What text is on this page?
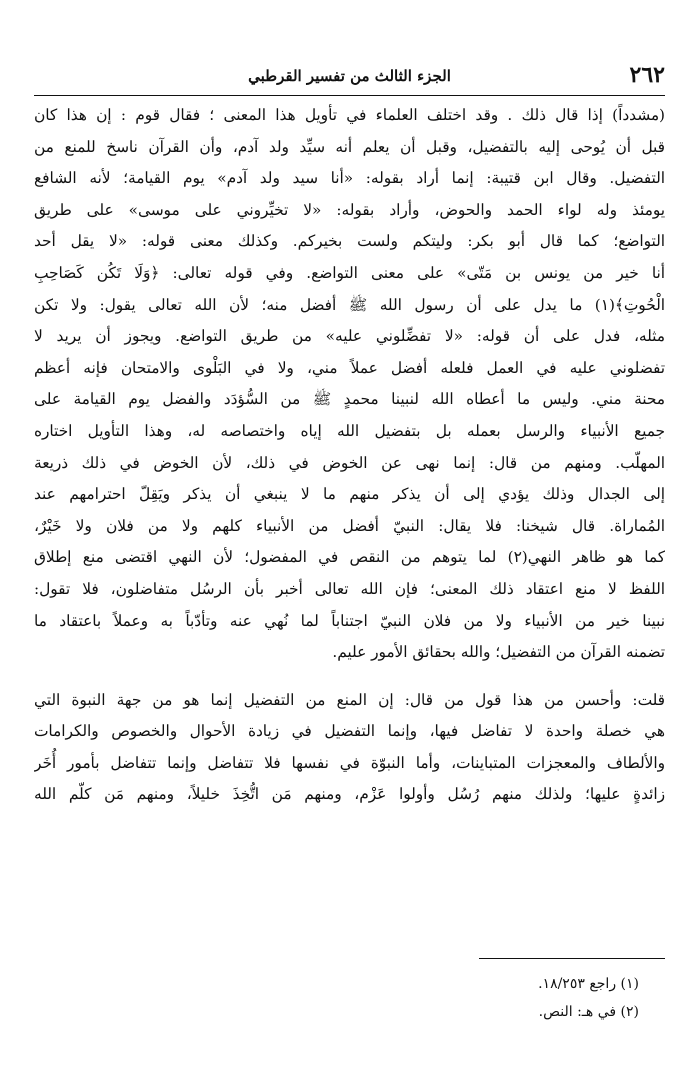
٢٦٢
الجزء الثالث من تفسير القرطبي
(مشدداً) إذا قال ذلك . وقد اختلف العلماء في تأويل هذا المعنى ؛ فقال قوم : إن هذا كان
قبل أن يُوحى إليه بالتفضيل، وقبل أن يعلم أنه سيِّد ولد آدم، وأن القرآن ناسخ للمنع من
التفضيل. وقال ابن قتيبة: إنما أراد بقوله: «أنا سيد ولد آدم» يوم القيامة؛ لأنه الشافع
يومئذ وله لواء الحمد والحوض، وأراد بقوله: «لا تخيِّروني على موسى» على طريق
التواضع؛ كما قال أبو بكر: وليتكم ولست بخيركم. وكذلك معنى قوله: «لا يقل أحد
أنا خير من يونس بن مَتّى» على معنى التواضع. وفي قوله تعالى: ﴿وَلَا تَكُن كَصَاحِبِ
الْحُوتِ﴾(١) ما يدل على أن رسول الله ﷺ أفضل منه؛ لأن الله تعالى يقول: ولا تكن
مثله، فدل على أن قوله: «لا تفضِّلوني عليه» من طريق التواضع. ويجوز أن يريد لا
تفضلوني عليه في العمل فلعله أفضل عملاً مني، ولا في البَلْوى والامتحان فإنه أعظم
محنة مني. وليس ما أعطاه الله لنبينا محمدٍ ﷺ من السُّؤدَد والفضل يوم القيامة على
جميع الأنبياء والرسل بعمله بل بتفضيل الله إياه واختصاصه له، وهذا التأويل اختاره
المهلّب. ومنهم من قال: إنما نهى عن الخوض في ذلك، لأن الخوض في ذلك ذريعة
إلى الجدال وذلك يؤدي إلى أن يذكر منهم ما لا ينبغي أن يذكر ويَقِلّ احترامهم عند
المُماراة. قال شيخنا: فلا يقال: النبيّ أفضل من الأنبياء كلهم ولا من فلان ولا خَيْرٌ،
كما هو ظاهر النهي(٢) لما يتوهم من النقص في المفضول؛ لأن النهي اقتضى منع إطلاق
اللفظ لا منع اعتقاد ذلك المعنى؛ فإن الله تعالى أخبر بأن الرسُل متفاضلون، فلا تقول:
نبينا خير من الأنبياء ولا من فلان النبيّ اجتناباً لما نُهي عنه وتأدّباً به وعملاً باعتقاد ما
تضمنه القرآن من التفضيل؛ والله بحقائق الأمور عليم.
قلت: وأحسن من هذا قول من قال: إن المنع من التفضيل إنما هو من جهة النبوة التي
هي خصلة واحدة لا تفاضل فيها، وإنما التفضيل في زيادة الأحوال والخصوص والكرامات
والألطاف والمعجزات المتباينات، وأما النبوّة في نفسها فلا تتفاضل وإنما تتفاضل بأمور أُخَر
زائدةٍ عليها؛ ولذلك منهم رُسُل وأولوا عَزْم، ومنهم مَن اتُّخِذَ خليلاً، ومنهم مَن كلّم الله
(١) راجع ١٨/٢٥٣.
(٢) في هـ: النص.
